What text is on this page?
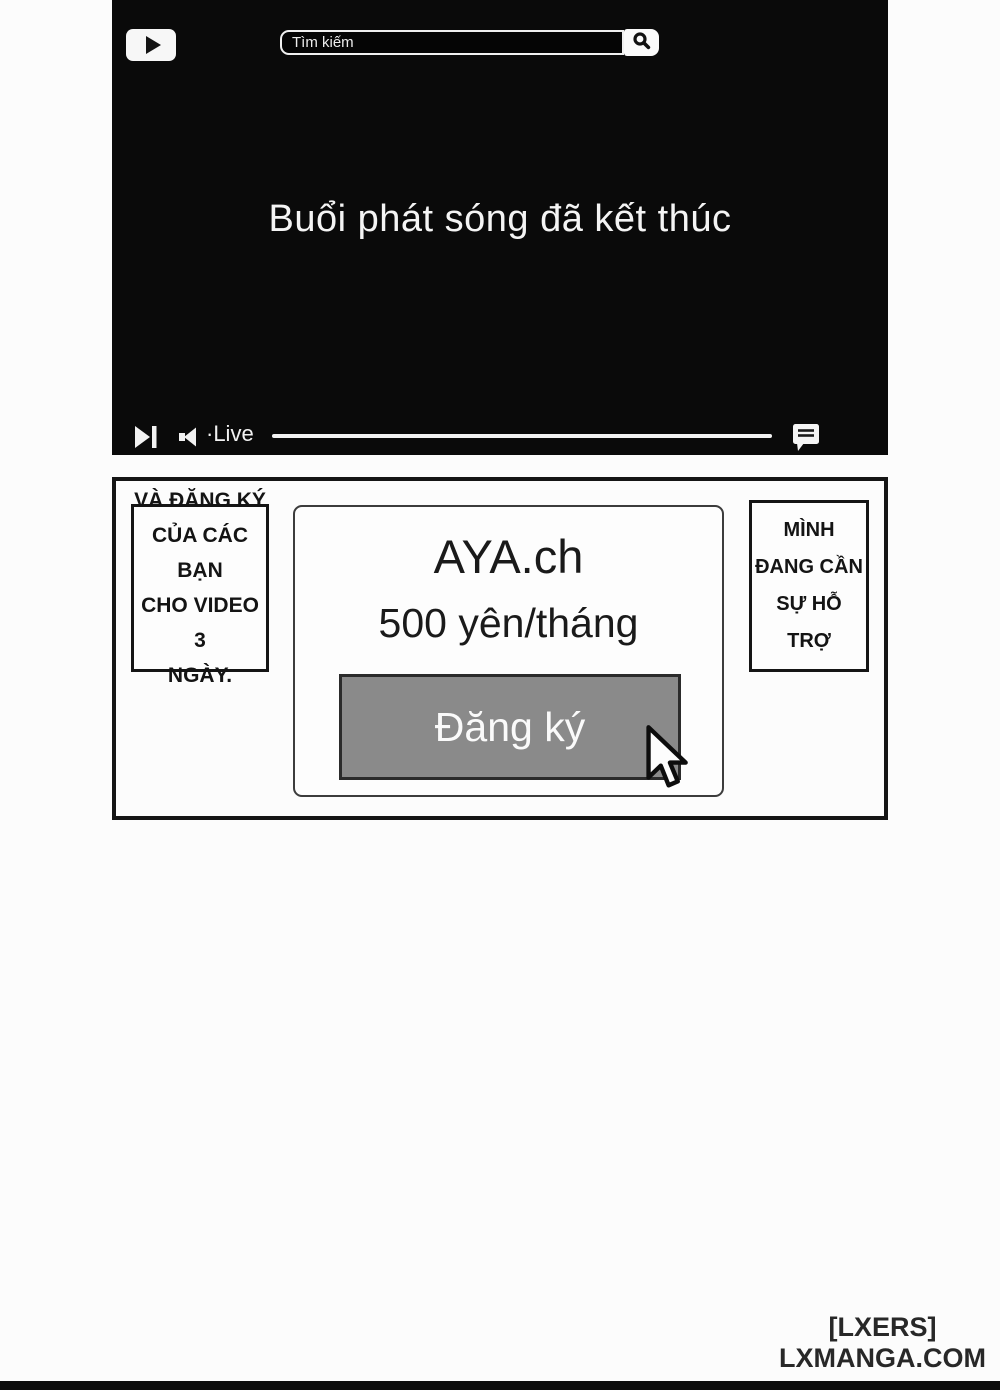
Tìm kiếm
Buổi phát sóng đã kết thúc
·Live
VÀ ĐĂNG KÝ
CỦA CÁC BẠN
CHO VIDEO 3
NGÀY.
AYA.ch
500 yên/tháng
Đăng ký
MÌNH
ĐANG CẦN
SỰ HỖ
TRỢ
[LXERS]
LXMANGA.COM
